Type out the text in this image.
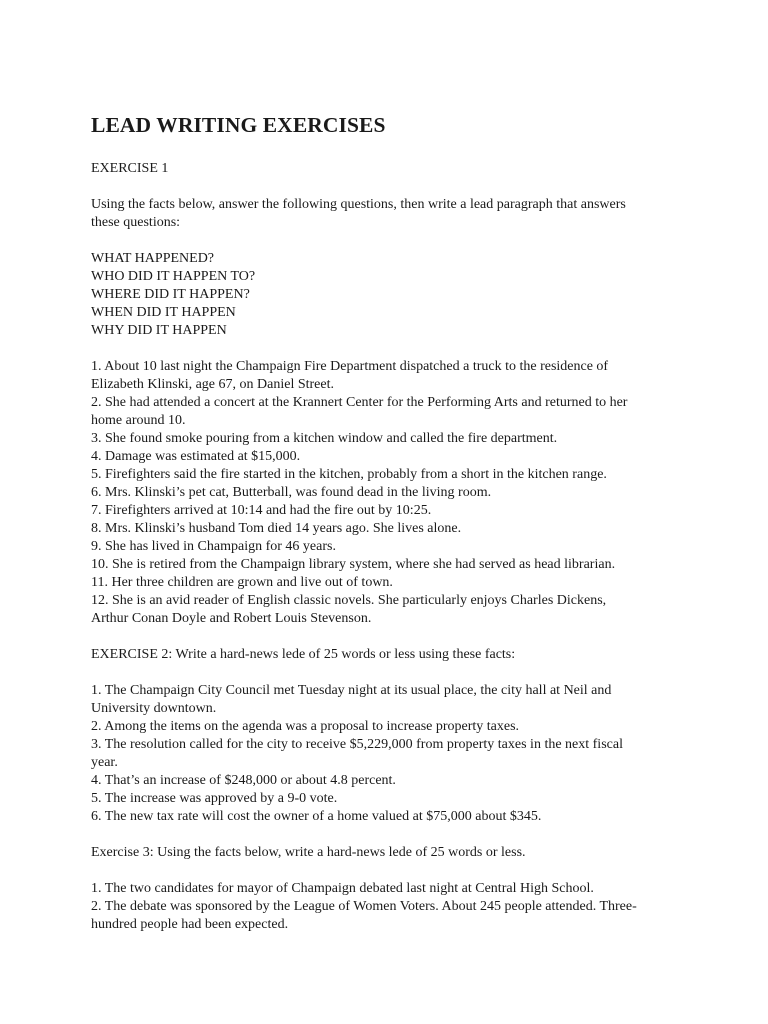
LEAD WRITING EXERCISES
EXERCISE 1
Using the facts below, answer the following questions, then write a lead paragraph that answers
these questions:
WHAT HAPPENED?
WHO DID IT HAPPEN TO?
WHERE DID IT HAPPEN?
WHEN DID IT HAPPEN
WHY DID IT HAPPEN
1. About 10 last night the Champaign Fire Department dispatched a truck to the residence of
Elizabeth Klinski, age 67, on Daniel Street.
2. She had attended a concert at the Krannert Center for the Performing Arts and returned to her
home around 10.
3. She found smoke pouring from a kitchen window and called the fire department.
4. Damage was estimated at $15,000.
5. Firefighters said the fire started in the kitchen, probably from a short in the kitchen range.
6. Mrs. Klinski’s pet cat, Butterball, was found dead in the living room.
7. Firefighters arrived at 10:14 and had the fire out by 10:25.
8. Mrs. Klinski’s husband Tom died 14 years ago. She lives alone.
9. She has lived in Champaign for 46 years.
10. She is retired from the Champaign library system, where she had served as head librarian.
11. Her three children are grown and live out of town.
12. She is an avid reader of English classic novels. She particularly enjoys Charles Dickens,
Arthur Conan Doyle and Robert Louis Stevenson.
EXERCISE 2: Write a hard-news lede of 25 words or less using these facts:
1. The Champaign City Council met Tuesday night at its usual place, the city hall at Neil and
University downtown.
2. Among the items on the agenda was a proposal to increase property taxes.
3. The resolution called for the city to receive $5,229,000 from property taxes in the next fiscal
year.
4. That’s an increase of $248,000 or about 4.8 percent.
5. The increase was approved by a 9-0 vote.
6. The new tax rate will cost the owner of a home valued at $75,000 about $345.
Exercise 3: Using the facts below, write a hard-news lede of 25 words or less.
1. The two candidates for mayor of Champaign debated last night at Central High School.
2. The debate was sponsored by the League of Women Voters. About 245 people attended. Three-
hundred people had been expected.
